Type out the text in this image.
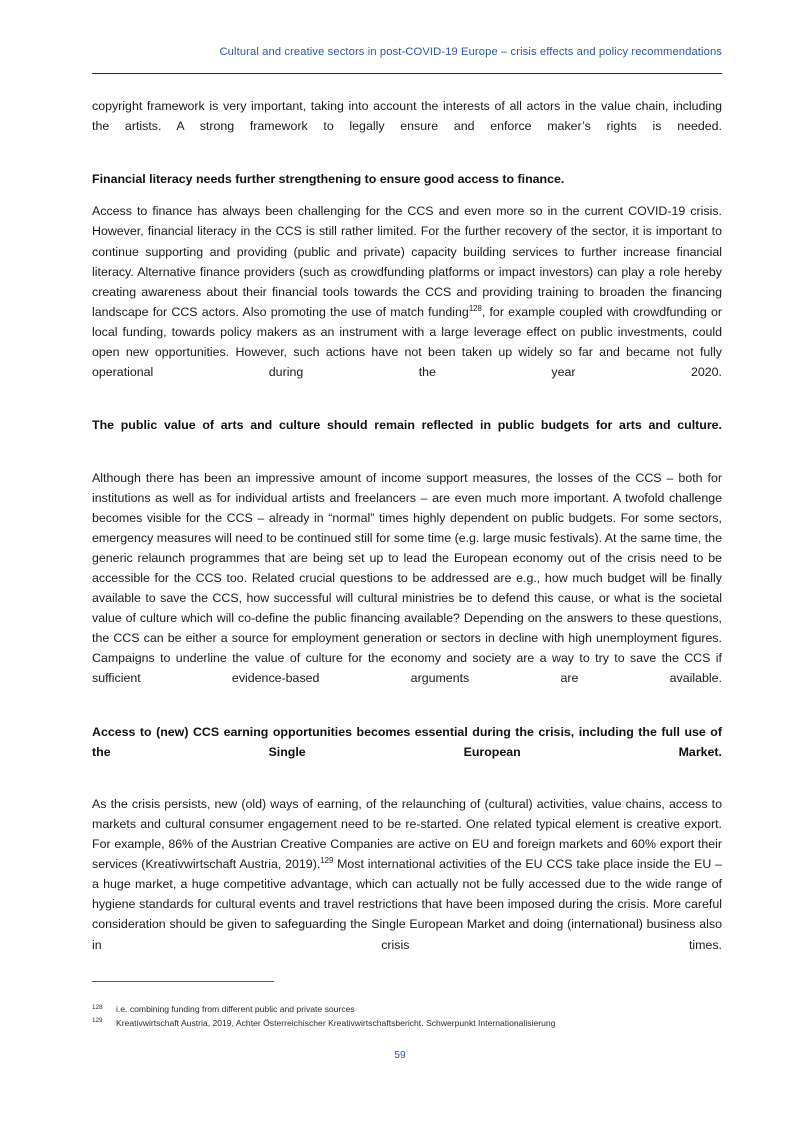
Cultural and creative sectors in post-COVID-19 Europe – crisis effects and policy recommendations

copyright framework is very important, taking into account the interests of all actors in the value chain, including the artists. A strong framework to legally ensure and enforce maker’s rights is needed.

Financial literacy needs further strengthening to ensure good access to finance.

Access to finance has always been challenging for the CCS and even more so in the current COVID-19 crisis. However, financial literacy in the CCS is still rather limited. For the further recovery of the sector, it is important to continue supporting and providing (public and private) capacity building services to further increase financial literacy. Alternative finance providers (such as crowdfunding platforms or impact investors) can play a role hereby creating awareness about their financial tools towards the CCS and providing training to broaden the financing landscape for CCS actors. Also promoting the use of match funding$^{128}$, for example coupled with crowdfunding or local funding, towards policy makers as an instrument with a large leverage effect on public investments, could open new opportunities. However, such actions have not been taken up widely so far and became not fully operational during the year 2020.

The public value of arts and culture should remain reflected in public budgets for arts and culture.

Although there has been an impressive amount of income support measures, the losses of the CCS – both for institutions as well as for individual artists and freelancers – are even much more important. A twofold challenge becomes visible for the CCS – already in “normal” times highly dependent on public budgets. For some sectors, emergency measures will need to be continued still for some time (e.g. large music festivals). At the same time, the generic relaunch programmes that are being set up to lead the European economy out of the crisis need to be accessible for the CCS too. Related crucial questions to be addressed are e.g., how much budget will be finally available to save the CCS, how successful will cultural ministries be to defend this cause, or what is the societal value of culture which will co-define the public financing available? Depending on the answers to these questions, the CCS can be either a source for employment generation or sectors in decline with high unemployment figures. Campaigns to underline the value of culture for the economy and society are a way to try to save the CCS if sufficient evidence-based arguments are available.

Access to (new) CCS earning opportunities becomes essential during the crisis, including the full use of the Single European Market.

As the crisis persists, new (old) ways of earning, of the relaunching of (cultural) activities, value chains, access to markets and cultural consumer engagement need to be re-started. One related typical element is creative export. For example, 86% of the Austrian Creative Companies are active on EU and foreign markets and 60% export their services (Kreativwirtschaft Austria, 2019).$^{129}$ Most international activities of the EU CCS take place inside the EU – a huge market, a huge competitive advantage, which can actually not be fully accessed due to the wide range of hygiene standards for cultural events and travel restrictions that have been imposed during the crisis. More careful consideration should be given to safeguarding the Single European Market and doing (international) business also in crisis times.

128	i.e. combining funding from different public and private sources
129	Kreativwirtschaft Austria, 2019, Achter Österreichischer Kreativwirtschaftsbericht. Schwerpunkt Internationalisierung
59
